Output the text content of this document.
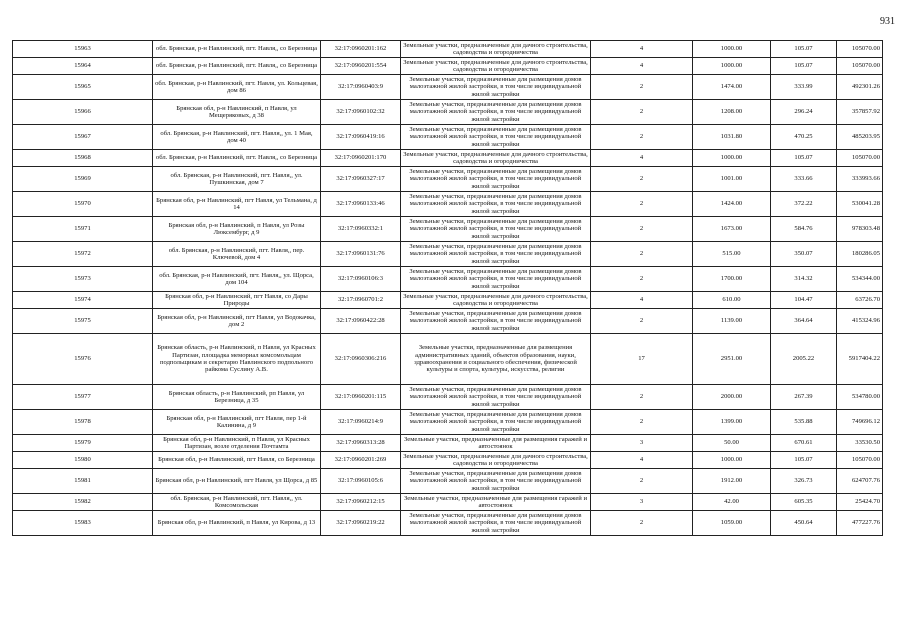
931
15963	обл. Брянская, р-н Навлинский, пгт. Навля,, со Березница	32:17:0960201:162	Земельные участки, предназначенные для дачного строительства, садоводства и огородничества	4	1000.00	105.07	105070.00
15964	обл. Брянская, р-н Навлинский, пгт. Навля,, со Березница	32:17:0960201:554	Земельные участки, предназначенные для дачного строительства, садоводства и огородничества	4	1000.00	105.07	105070.00
15965	обл. Брянская, р-н Навлинский, пгт. Навля, ул. Кольцевая, дом 86	32:17:0960403:9	Земельные участки, предназначенные для размещения домов малоэтажной жилой застройки, в том числе индивидуальной жилой застройки	2	1474.00	333.99	492301.26
15966	Брянская обл, р-н Навлинский, п Навля, ул Мещеряковых, д 38	32:17:0960102:32	Земельные участки, предназначенные для размещения домов малоэтажной жилой застройки, в том числе индивидуальной жилой застройки	2	1208.00	296.24	357857.92
15967	обл. Брянская, р-н Навлинский, пгт. Навля,, ул. 1 Мая, дом 40	32:17:0960419:16	Земельные участки, предназначенные для размещения домов малоэтажной жилой застройки, в том числе индивидуальной жилой застройки	2	1031.80	470.25	485203.95
15968	обл. Брянская, р-н Навлинский, пгт. Навля,, со Березница	32:17:0960201:170	Земельные участки, предназначенные для дачного строительства, садоводства и огородничества	4	1000.00	105.07	105070.00
15969	обл. Брянская, р-н Навлинский, пгт. Навля,, ул. Пушкинская, дом 7	32:17:0960327:17	Земельные участки, предназначенные для размещения домов малоэтажной жилой застройки, в том числе индивидуальной жилой застройки	2	1001.00	333.66	333993.66
15970	Брянская обл, р-н Навлинский, пгт Навля, ул Тельмана, д 14	32:17:0960133:46	Земельные участки, предназначенные для размещения домов малоэтажной жилой застройки, в том числе индивидуальной жилой застройки	2	1424.00	372.22	530041.28
15971	Брянская обл, р-н Навлинский, п Навля, ул Розы Люксембург, д 9	32:17:0960332:1	Земельные участки, предназначенные для размещения домов малоэтажной жилой застройки, в том числе индивидуальной жилой застройки	2	1673.00	584.76	978303.48
15972	обл. Брянская, р-н Навлинский, пгт. Навля,, пер. Ключевой, дом 4	32:17:0960131:76	Земельные участки, предназначенные для размещения домов малоэтажной жилой застройки, в том числе индивидуальной жилой застройки	2	515.00	350.07	180286.05
15973	обл. Брянская, р-н Навлинский, пгт. Навля,, ул. Щорса, дом 104	32:17:0960106:3	Земельные участки, предназначенные для размещения домов малоэтажной жилой застройки, в том числе индивидуальной жилой застройки	2	1700.00	314.32	534344.00
15974	Брянская обл, р-н Навлинский, пгт Навля, со Дары Природы	32:17:0960701:2	Земельные участки, предназначенные для дачного строительства, садоводства и огородничества	4	610.00	104.47	63726.70
15975	Брянская обл, р-н Навлинский, пгт Навля, ул Водокачка, дом 2	32:17:0960422:28	Земельные участки, предназначенные для размещения домов малоэтажной жилой застройки, в том числе индивидуальной жилой застройки	2	1139.00	364.64	415324.96
15976	Брянская область, р-н Навлинский, п Навля, ул Красных Партизан, площадка мемориал комсомольцам подпольщикам и секретарю Навлинского подпольного райкома Суслину А.В.	32:17:0960306:216	Земельные участки, предназначенные для размещения административных зданий, объектов образования, науки, здравоохранения и социального обеспечения, физической культуры и спорта, культуры, искусства, религии	17	2951.00	2005.22	5917404.22
15977	Брянская область, р-н Навлинский, рп Навля, ул Березница, д 35	32:17:0960201:115	Земельные участки, предназначенные для размещения домов малоэтажной жилой застройки, в том числе индивидуальной жилой застройки	2	2000.00	267.39	534780.00
15978	Брянская обл, р-н Навлинский, пгт Навля, пер 1-й Калинина, д 9	32:17:0960214:9	Земельные участки, предназначенные для размещения домов малоэтажной жилой застройки, в том числе индивидуальной жилой застройки	2	1399.00	535.88	749696.12
15979	Брянская обл, р-н Навлинский, п Навля, ул Красных Партизан, возле отделения Почтамта	32:17:0960313:28	Земельные участки, предназначенные для размещения гаражей и автостоянок	3	50.00	670.61	33530.50
15980	Брянская обл, р-н Навлинский, пгт Навля, со Березница	32:17:0960201:269	Земельные участки, предназначенные для дачного строительства, садоводства и огородничества	4	1000.00	105.07	105070.00
15981	Брянская обл, р-н Навлинский, пгт Навля, ул Щорса, д 85	32:17:0960105:6	Земельные участки, предназначенные для размещения домов малоэтажной жилой застройки, в том числе индивидуальной жилой застройки	2	1912.00	326.73	624707.76
15982	обл. Брянская, р-н Навлинский, пгт. Навля,, ул. Комсомольская	32:17:0960212:15	Земельные участки, предназначенные для размещения гаражей и автостоянок	3	42.00	605.35	25424.70
15983	Брянская обл, р-н Навлинский, п Навля, ул Кирова, д 13	32:17:0960219:22	Земельные участки, предназначенные для размещения домов малоэтажной жилой застройки, в том числе индивидуальной жилой застройки	2	1059.00	450.64	477227.76
